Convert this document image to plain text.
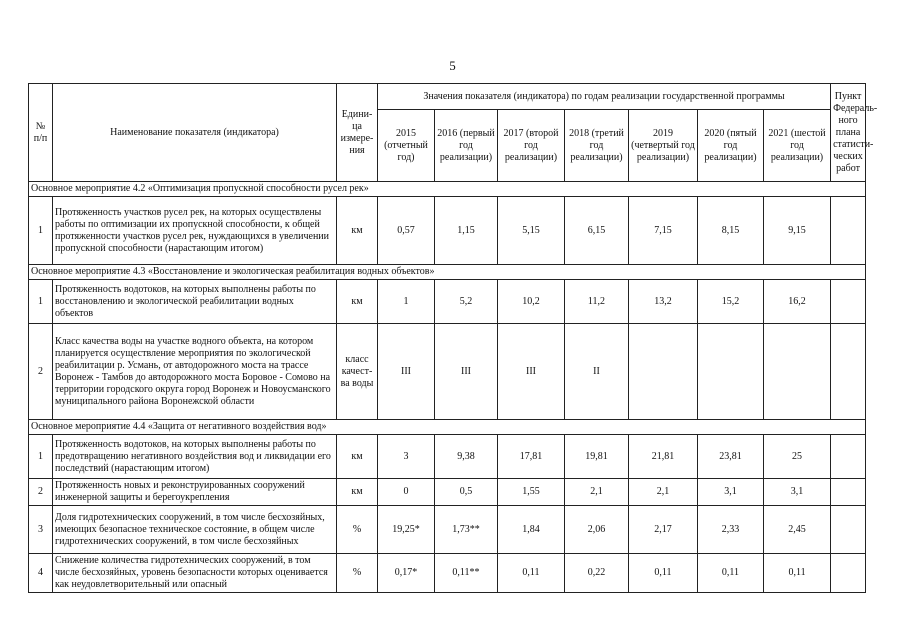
5
№ п/п	Наименование показателя (индикатора)	Едини-ца измере-ния	Значения показателя (индикатора) по годам реализации государственной программы							Пункт Федераль-ного плана статисти-ческих работ
			2015 (отчетный год)	2016 (первый год реализации)	2017 (второй год реализации)	2018 (третий год реализации)	2019 (четвертый год реализации)	2020 (пятый год реализации)	2021 (шестой год реализации)	
Основное мероприятие 4.2 «Оптимизация пропускной способности русел рек»										
1	Протяженность участков русел рек, на которых осуществлены работы по оптимизации их пропускной способности, к общей протяженности участков русел рек, нуждающихся в увеличении пропускной способности (нарастающим итогом)	км	0,57	1,15	5,15	6,15	7,15	8,15	9,15	
Основное мероприятие 4.3 «Восстановление и экологическая реабилитация водных объектов»										
1	Протяженность водотоков, на которых выполнены работы по восстановлению и экологической реабилитации водных объектов	км	1	5,2	10,2	11,2	13,2	15,2	16,2	
2	Класс качества воды на участке водного объекта, на котором планируется осуществление мероприятия по экологической реабилитации р. Усмань, от автодорожного моста на трассе Воронеж - Тамбов до автодорожного моста Боровое - Сомово на территории городского округа город Воронеж и Новоусманского муниципального района Воронежской области	класс качест-ва воды	III	III	III	II				
Основное мероприятие 4.4 «Защита от негативного воздействия вод»										
1	Протяженность водотоков, на которых выполнены работы по предотвращению негативного воздействия вод и ликвидации его последствий (нарастающим итогом)	км	3	9,38	17,81	19,81	21,81	23,81	25	
2	Протяженность новых и реконструированных сооружений инженерной защиты и берегоукрепления	км	0	0,5	1,55	2,1	2,1	3,1	3,1	
3	Доля гидротехнических сооружений, в том числе бесхозяйных, имеющих безопасное техническое состояние, в общем числе гидротехнических сооружений, в том числе бесхозяйных	%	19,25*	1,73**	1,84	2,06	2,17	2,33	2,45	
4	Снижение количества гидротехнических сооружений, в том числе бесхозяйных, уровень безопасности которых оценивается как неудовлетворительный или опасный	%	0,17*	0,11**	0,11	0,22	0,11	0,11	0,11	
